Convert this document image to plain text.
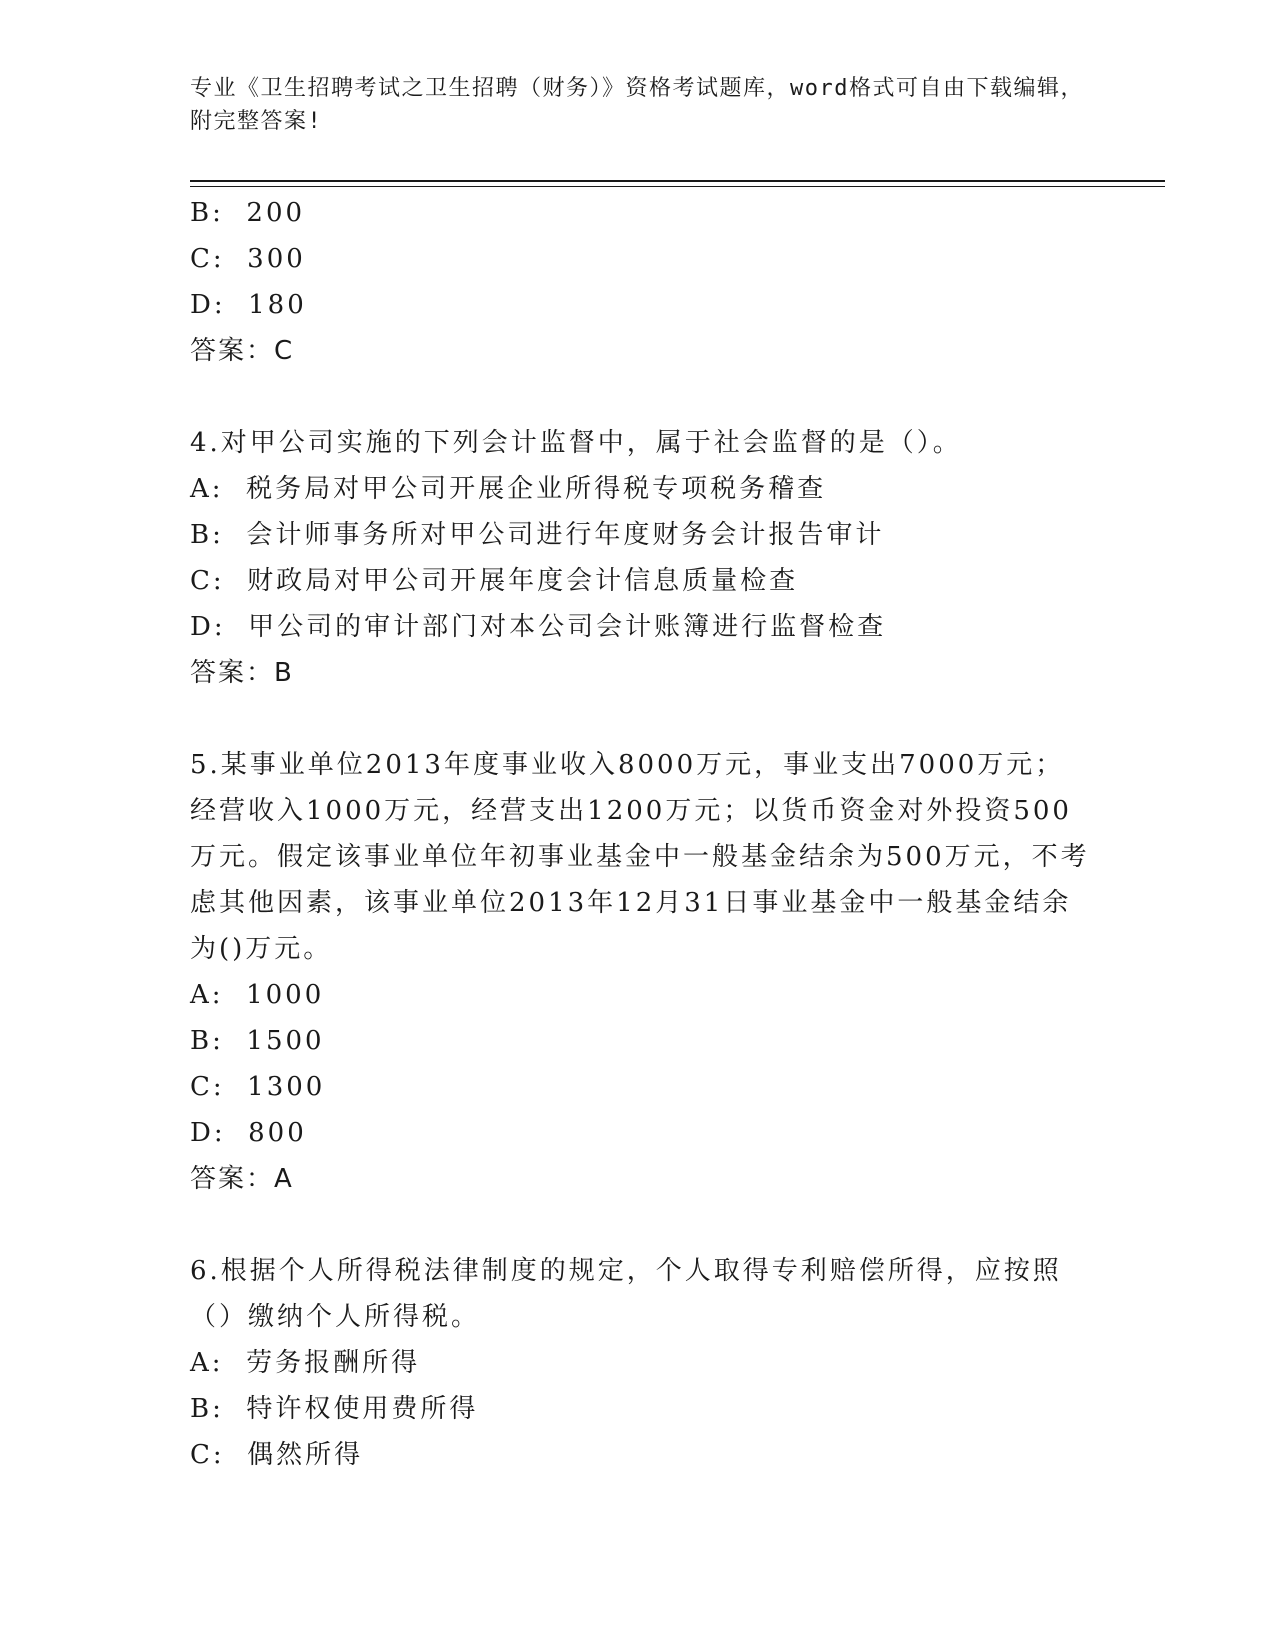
专业《卫生招聘考试之卫生招聘（财务）》资格考试题库，word格式可自由下载编辑，附完整答案!
B:  200
C:  300
D:  180
答案：C
4.对甲公司实施的下列会计监督中，属于社会监督的是（）。
A:  税务局对甲公司开展企业所得税专项税务稽查
B:  会计师事务所对甲公司进行年度财务会计报告审计
C:  财政局对甲公司开展年度会计信息质量检查
D:  甲公司的审计部门对本公司会计账簿进行监督检查
答案：B
5.某事业单位2013年度事业收入8000万元，事业支出7000万元；经营收入1000万元，经营支出1200万元；以货币资金对外投资500万元。假定该事业单位年初事业基金中一般基金结余为500万元，不考虑其他因素，该事业单位2013年12月31日事业基金中一般基金结余为()万元。
A:  1000
B:  1500
C:  1300
D:  800
答案：A
6.根据个人所得税法律制度的规定，个人取得专利赔偿所得，应按照（）缴纳个人所得税。
A:  劳务报酬所得
B:  特许权使用费所得
C:  偶然所得
